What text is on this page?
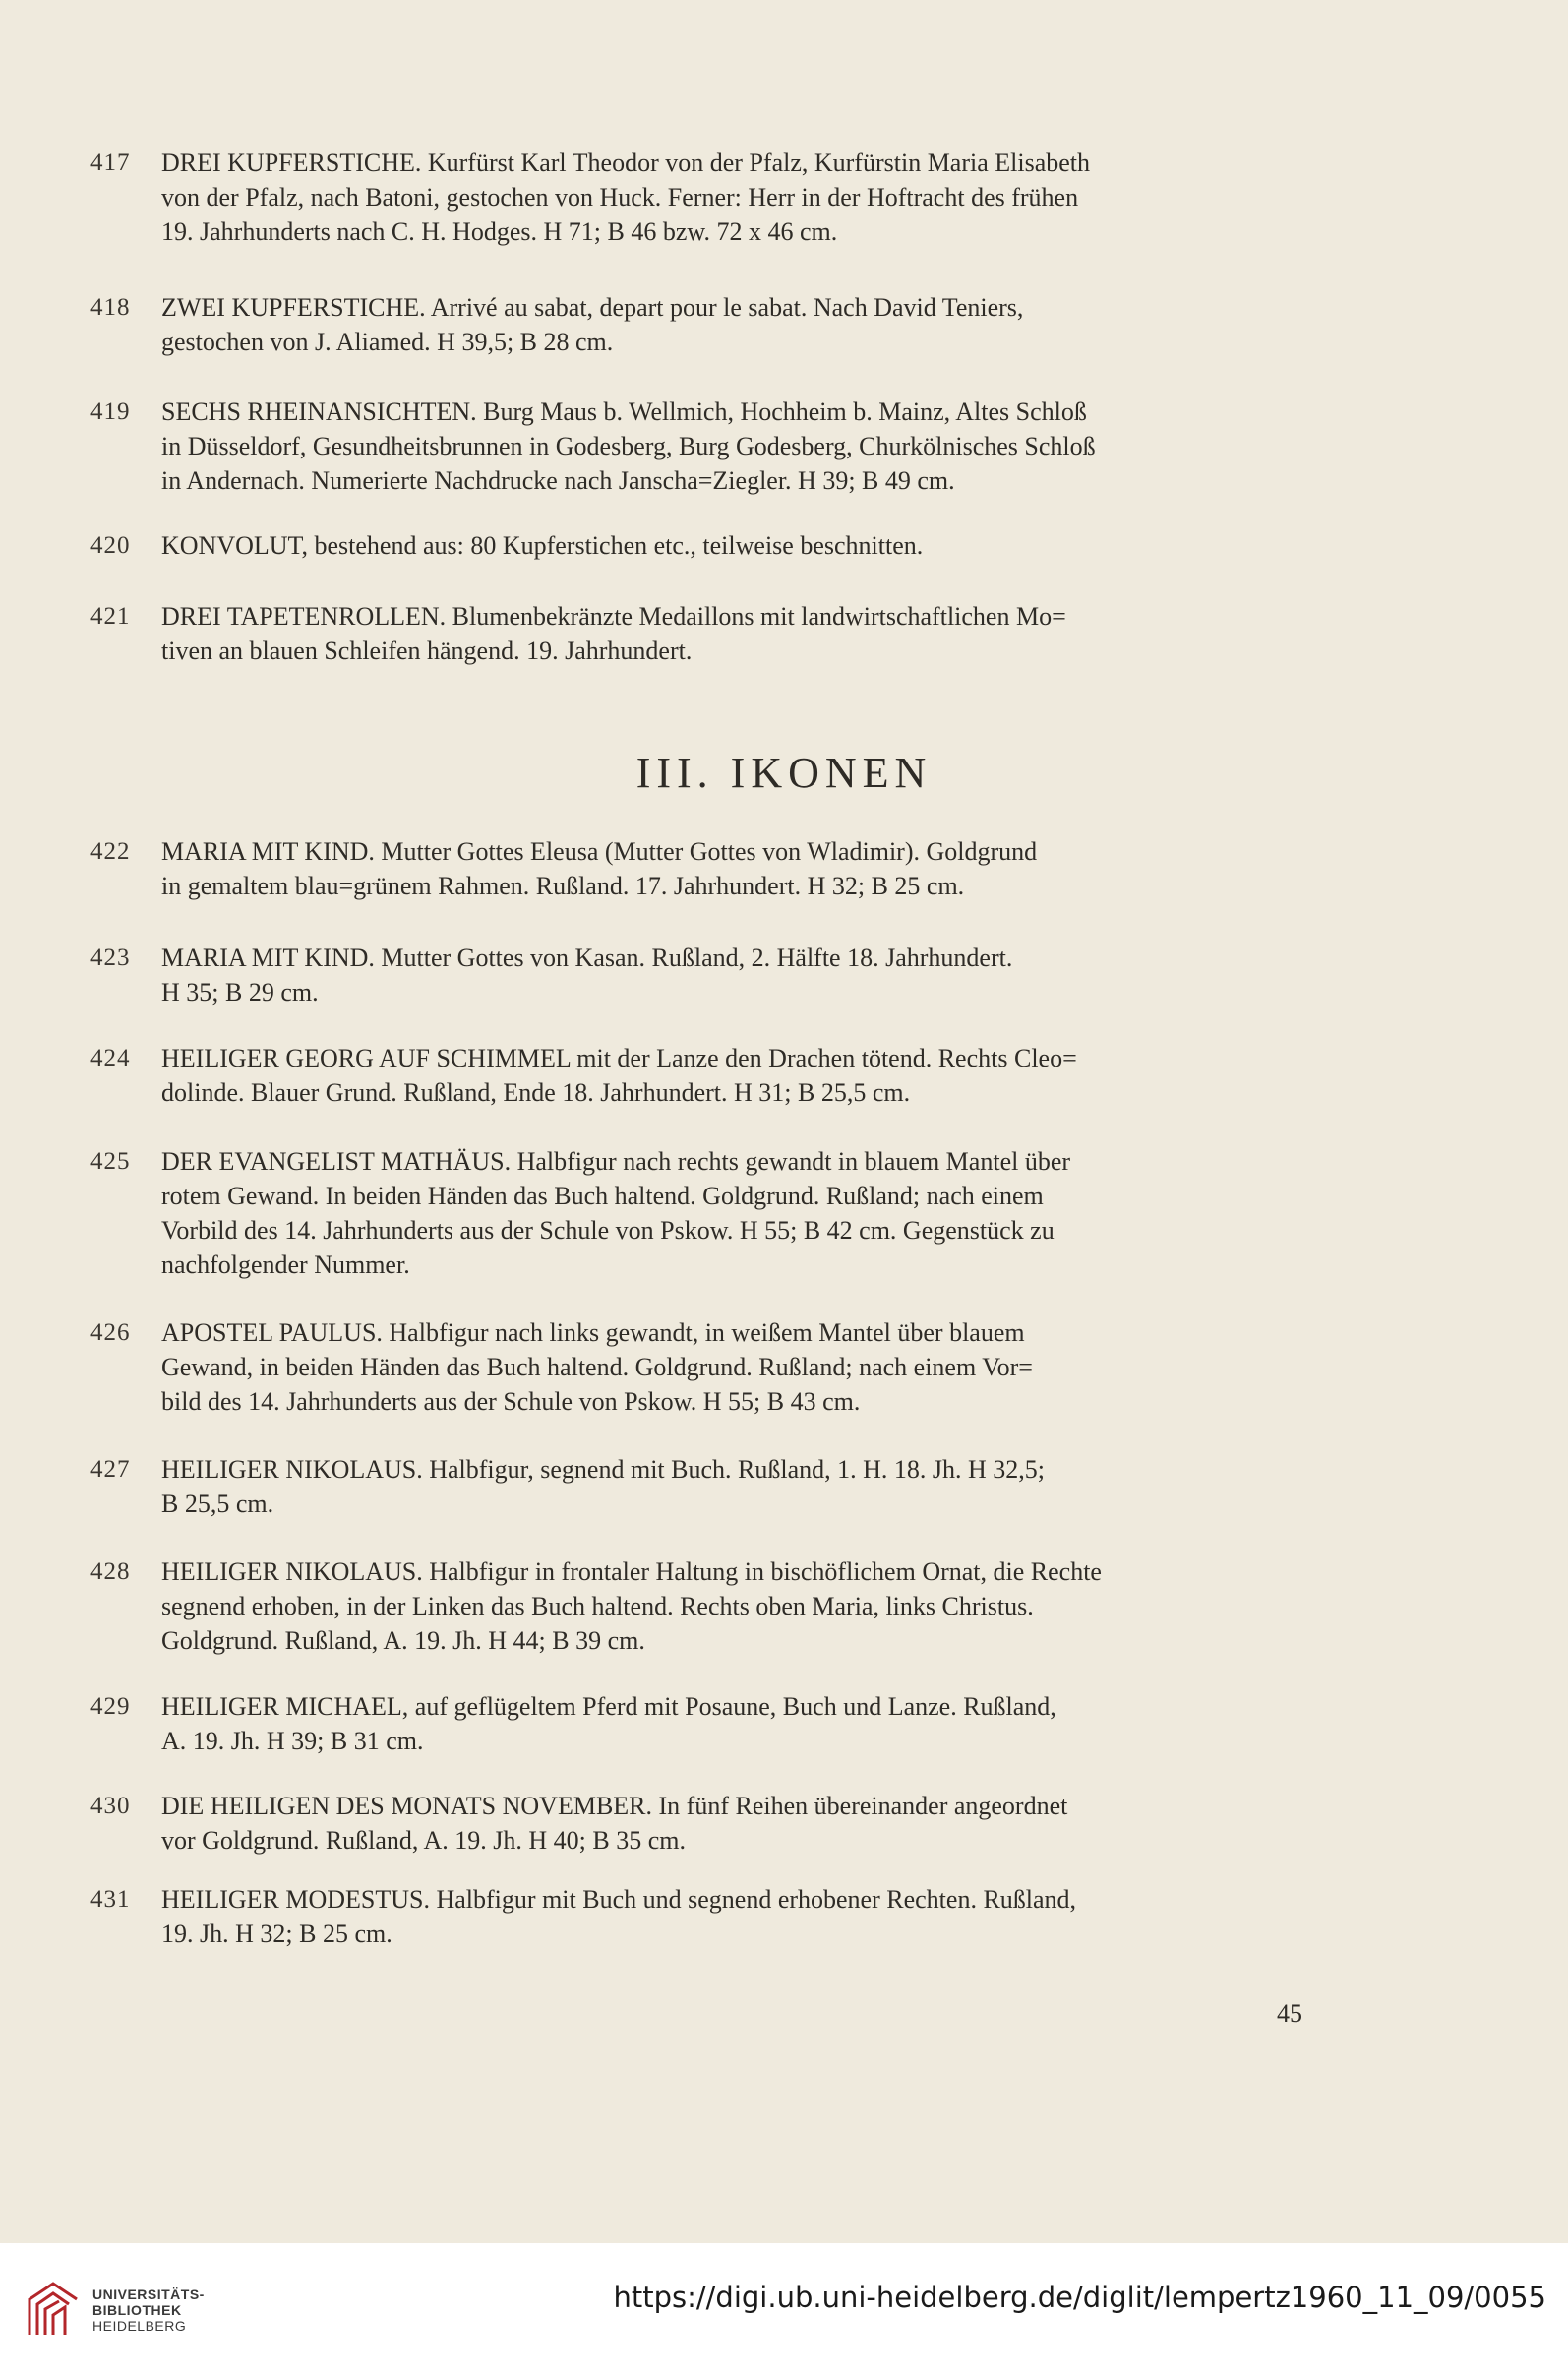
417	DREI KUPFERSTICHE. Kurfürst Karl Theodor von der Pfalz, Kurfürstin Maria Elisabeth
von der Pfalz, nach Batoni, gestochen von Huck. Ferner: Herr in der Hoftracht des frühen
19. Jahrhunderts nach C. H. Hodges. H 71; B 46 bzw. 72 x 46 cm.
418	ZWEI KUPFERSTICHE. Arrivé au sabat, depart pour le sabat. Nach David Teniers,
gestochen von J. Aliamed. H 39,5; B 28 cm.
419	SECHS RHEINANSICHTEN. Burg Maus b. Wellmich, Hochheim b. Mainz, Altes Schloß
in Düsseldorf, Gesundheitsbrunnen in Godesberg, Burg Godesberg, Churkölnisches Schloß
in Andernach. Numerierte Nachdrucke nach Janscha=Ziegler. H 39; B 49 cm.
420	KONVOLUT, bestehend aus: 80 Kupferstichen etc., teilweise beschnitten.
421	DREI TAPETENROLLEN. Blumenbekränzte Medaillons mit landwirtschaftlichen Mo=
tiven an blauen Schleifen hängend. 19. Jahrhundert.
III. IKONEN
422	MARIA MIT KIND. Mutter Gottes Eleusa (Mutter Gottes von Wladimir). Goldgrund
in gemaltem blau=grünem Rahmen. Rußland. 17. Jahrhundert. H 32; B 25 cm.
423	MARIA MIT KIND. Mutter Gottes von Kasan. Rußland, 2. Hälfte 18. Jahrhundert.
H 35; B 29 cm.
424	HEILIGER GEORG AUF SCHIMMEL mit der Lanze den Drachen tötend. Rechts Cleo=
dolinde. Blauer Grund. Rußland, Ende 18. Jahrhundert. H 31; B 25,5 cm.
425	DER EVANGELIST MATHÄUS. Halbfigur nach rechts gewandt in blauem Mantel über
rotem Gewand. In beiden Händen das Buch haltend. Goldgrund. Rußland; nach einem
Vorbild des 14. Jahrhunderts aus der Schule von Pskow. H 55; B 42 cm. Gegenstück zu
nachfolgender Nummer.
426	APOSTEL PAULUS. Halbfigur nach links gewandt, in weißem Mantel über blauem
Gewand, in beiden Händen das Buch haltend. Goldgrund. Rußland; nach einem Vor=
bild des 14. Jahrhunderts aus der Schule von Pskow. H 55; B 43 cm.
427	HEILIGER NIKOLAUS. Halbfigur, segnend mit Buch. Rußland, 1. H. 18. Jh. H 32,5;
B 25,5 cm.
428	HEILIGER NIKOLAUS. Halbfigur in frontaler Haltung in bischöflichem Ornat, die Rechte
segnend erhoben, in der Linken das Buch haltend. Rechts oben Maria, links Christus.
Goldgrund. Rußland, A. 19. Jh. H 44; B 39 cm.
429	HEILIGER MICHAEL, auf geflügeltem Pferd mit Posaune, Buch und Lanze. Rußland,
A. 19. Jh. H 39; B 31 cm.
430	DIE HEILIGEN DES MONATS NOVEMBER. In fünf Reihen übereinander angeordnet
vor Goldgrund. Rußland, A. 19. Jh. H 40; B 35 cm.
431	HEILIGER MODESTUS. Halbfigur mit Buch und segnend erhobener Rechten. Rußland,
19. Jh. H 32; B 25 cm.
45
UNIVERSITÄTS-
BIBLIOTHEK
HEIDELBERG
https://digi.ub.uni-heidelberg.de/diglit/lempertz1960_11_09/0055
